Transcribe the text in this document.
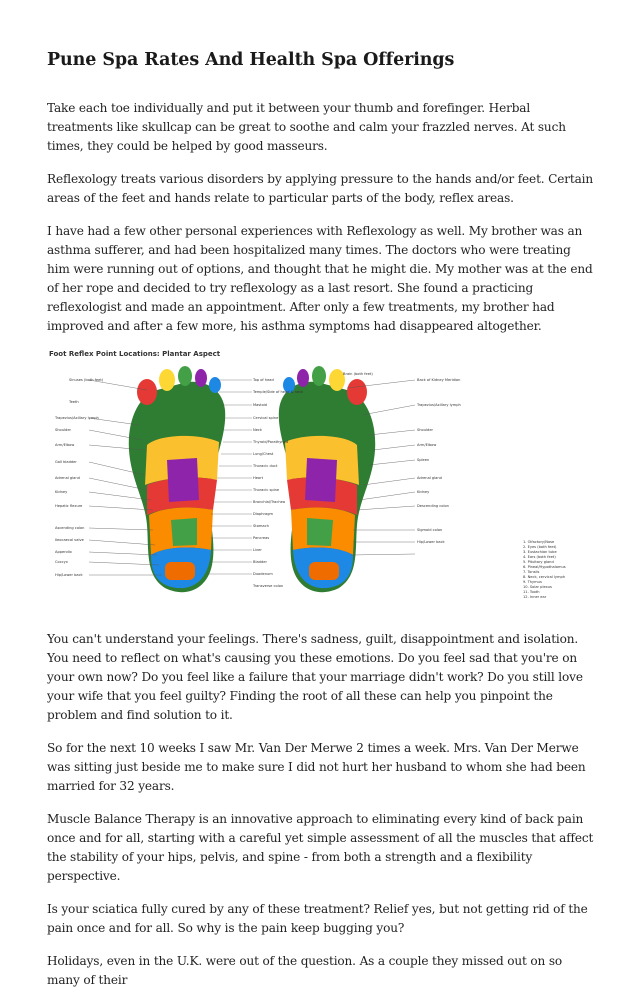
Pune Spa Rates And Health Spa Offerings

Take each toe individually and put it between your thumb and forefinger. Herbal treatments like skullcap can be great to soothe and calm your frazzled nerves. At such times, they could be helped by good masseurs.

Reflexology treats various disorders by applying pressure to the hands and/or feet. Certain areas of the feet and hands relate to particular parts of the body, reflex areas.

I have had a few other personal experiences with Reflexology as well. My brother was an asthma sufferer, and had been hospitalized many times. The doctors who were treating him were running out of options, and thought that he might die. My mother was at the end of her rope and decided to try reflexology as a last resort. She found a practicing reflexologist and made an appointment. After only a few treatments, my brother had improved and after a few more, his asthma symptoms had disappeared altogether.

Foot Reflex Point Locations: Plantar Aspect
Sinuses (both feet)
Teeth
Trapezius/Axillary lymph
Shoulder
Arm/Elbow
Gall bladder
Adrenal gland
Kidney
Hepatic flexure
Ascending colon
Ileocaecal valve
Appendix
Coccyx
Hip/Lower back
Top of head
Temple/Side of head & neck
Mastoid
Cervical spine
Neck
Thyroid/Parathyroid
Lung/Chest
Thoracic duct
Heart
Thoracic spine
Bronchial/Trachea
Diaphragm
Stomach
Pancreas
Liver
Bladder
Duodenum
Transverse colon
Brain (both feet)
Back of Kidney Meridian
Trapezius/Axillary lymph
Shoulder
Arm/Elbow
Spleen
Adrenal gland
Kidney
Descending colon
Sigmoid colon
Hip/Lower back	1. Olfactory/Nose
2. Eyes (both feet)
3. Eustachian tube
4. Ears (both feet)
5. Pituitary gland
6. Pineal/Hypothalamus
7. Tonsils
8. Neck, cervical lymph
9. Thymus
10. Solar plexus
11. Tooth
12. Inner ear

You can't understand your feelings. There's sadness, guilt, disappointment and isolation. You need to reflect on what's causing you these emotions. Do you feel sad that you're on your own now? Do you feel like a failure that your marriage didn't work? Do you still love your wife that you feel guilty? Finding the root of all these can help you pinpoint the problem and find solution to it.

So for the next 10 weeks I saw Mr. Van Der Merwe 2 times a week. Mrs. Van Der Merwe was sitting just beside me to make sure I did not hurt her husband to whom she had been married for 32 years.

Muscle Balance Therapy is an innovative approach to eliminating every kind of back pain once and for all, starting with a careful yet simple assessment of all the muscles that affect the stability of your hips, pelvis, and spine - from both a strength and a flexibility perspective.

Is your sciatica fully cured by any of these treatment? Relief yes, but not getting rid of the pain once and for all. So why is the pain keep bugging you?

Holidays, even in the U.K. were out of the question. As a couple they missed out on so many of their
